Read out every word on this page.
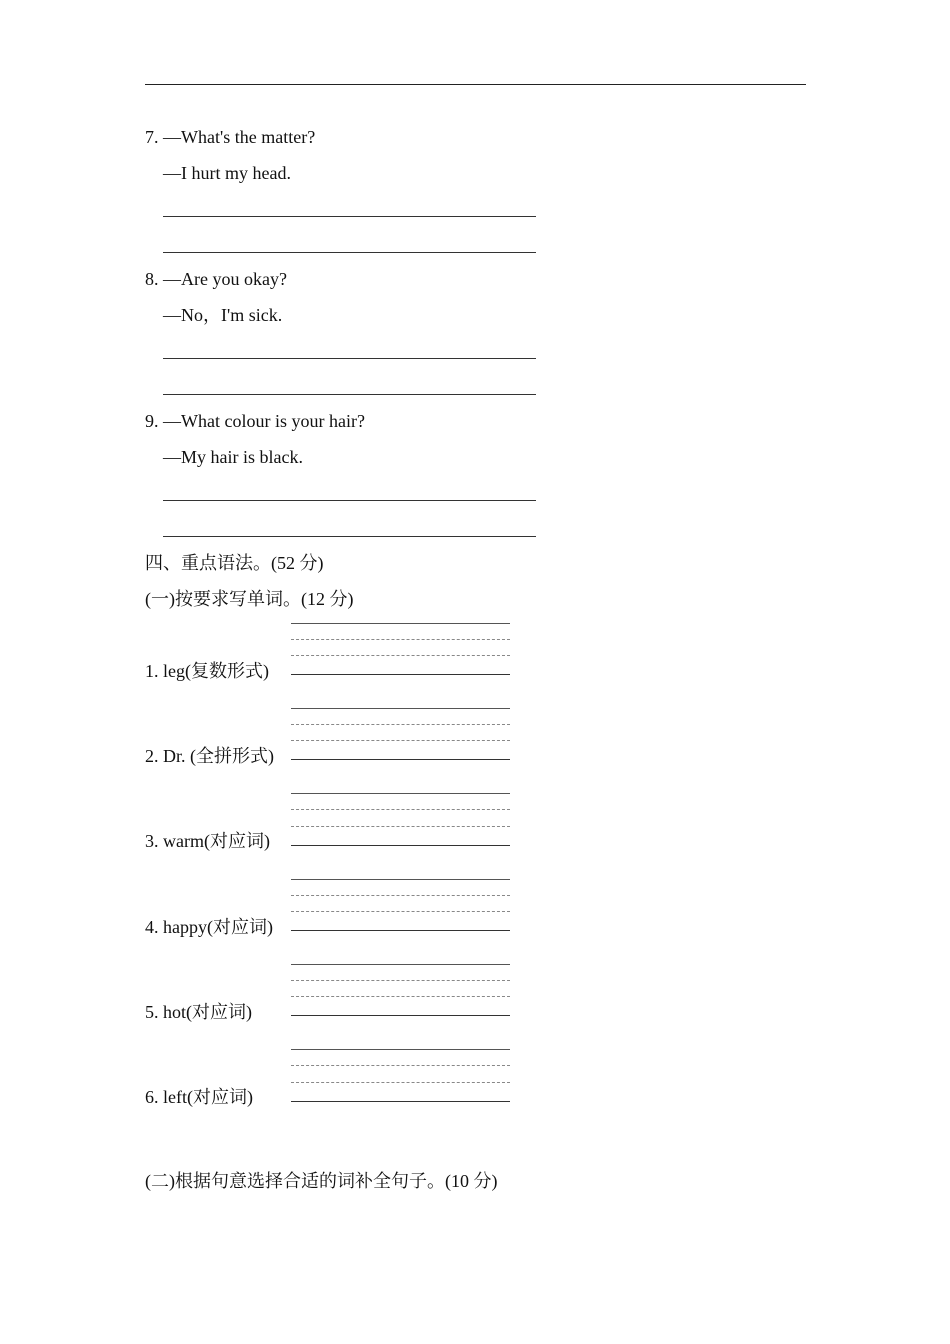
7. —What's the matter?
—I hurt my head.
8. —Are you okay?
—No，I'm sick.
9. —What colour is your hair?
—My hair is black.
四、重点语法。(52 分)
(一)按要求写单词。(12 分)
1. leg(复数形式)
2. Dr. (全拼形式)
3. warm(对应词)
4. happy(对应词)
5. hot(对应词)
6. left(对应词)
(二)根据句意选择合适的词补全句子。(10 分)
